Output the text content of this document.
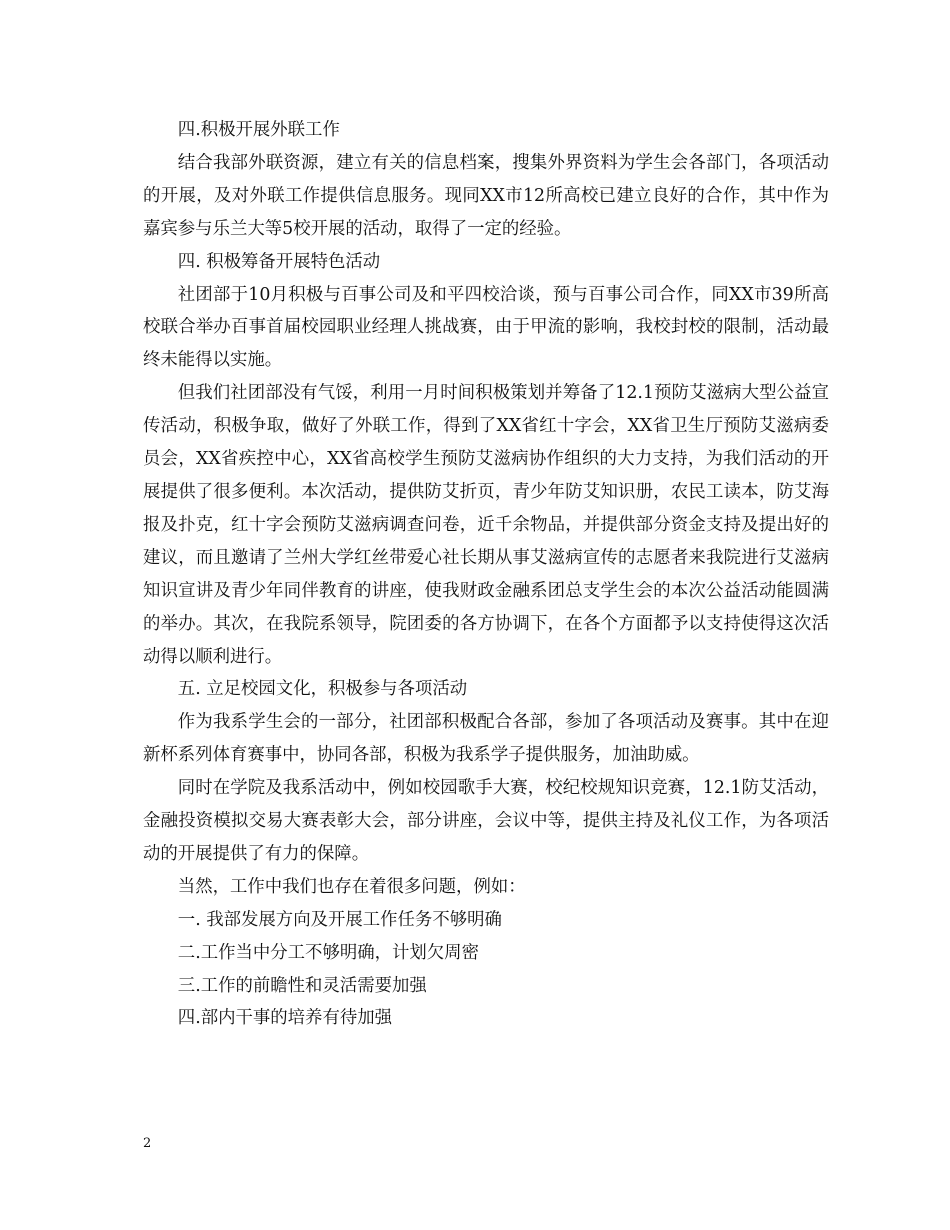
四.积极开展外联工作

结合我部外联资源，建立有关的信息档案，搜集外界资料为学生会各部门，各项活动的开展，及对外联工作提供信息服务。现同XX市12所高校已建立良好的合作，其中作为嘉宾参与乐兰大等5校开展的活动，取得了一定的经验。

四. 积极筹备开展特色活动

社团部于10月积极与百事公司及和平四校洽谈，预与百事公司合作，同XX市39所高校联合举办百事首届校园职业经理人挑战赛，由于甲流的影响，我校封校的限制，活动最终未能得以实施。

但我们社团部没有气馁，利用一月时间积极策划并筹备了12.1预防艾滋病大型公益宣传活动，积极争取，做好了外联工作，得到了XX省红十字会，XX省卫生厅预防艾滋病委员会，XX省疾控中心，XX省高校学生预防艾滋病协作组织的大力支持，为我们活动的开展提供了很多便利。本次活动，提供防艾折页，青少年防艾知识册，农民工读本，防艾海报及扑克，红十字会预防艾滋病调查问卷，近千余物品，并提供部分资金支持及提出好的建议，而且邀请了兰州大学红丝带爱心社长期从事艾滋病宣传的志愿者来我院进行艾滋病知识宣讲及青少年同伴教育的讲座，使我财政金融系团总支学生会的本次公益活动能圆满的举办。其次，在我院系领导，院团委的各方协调下，在各个方面都予以支持使得这次活动得以顺利进行。

五. 立足校园文化，积极参与各项活动

作为我系学生会的一部分，社团部积极配合各部，参加了各项活动及赛事。其中在迎新杯系列体育赛事中，协同各部，积极为我系学子提供服务，加油助威。

同时在学院及我系活动中，例如校园歌手大赛，校纪校规知识竞赛，12.1防艾活动，金融投资模拟交易大赛表彰大会，部分讲座，会议中等，提供主持及礼仪工作，为各项活动的开展提供了有力的保障。

当然，工作中我们也存在着很多问题，例如：

一. 我部发展方向及开展工作任务不够明确

二.工作当中分工不够明确，计划欠周密

三.工作的前瞻性和灵活需要加强

四.部内干事的培养有待加强

2
